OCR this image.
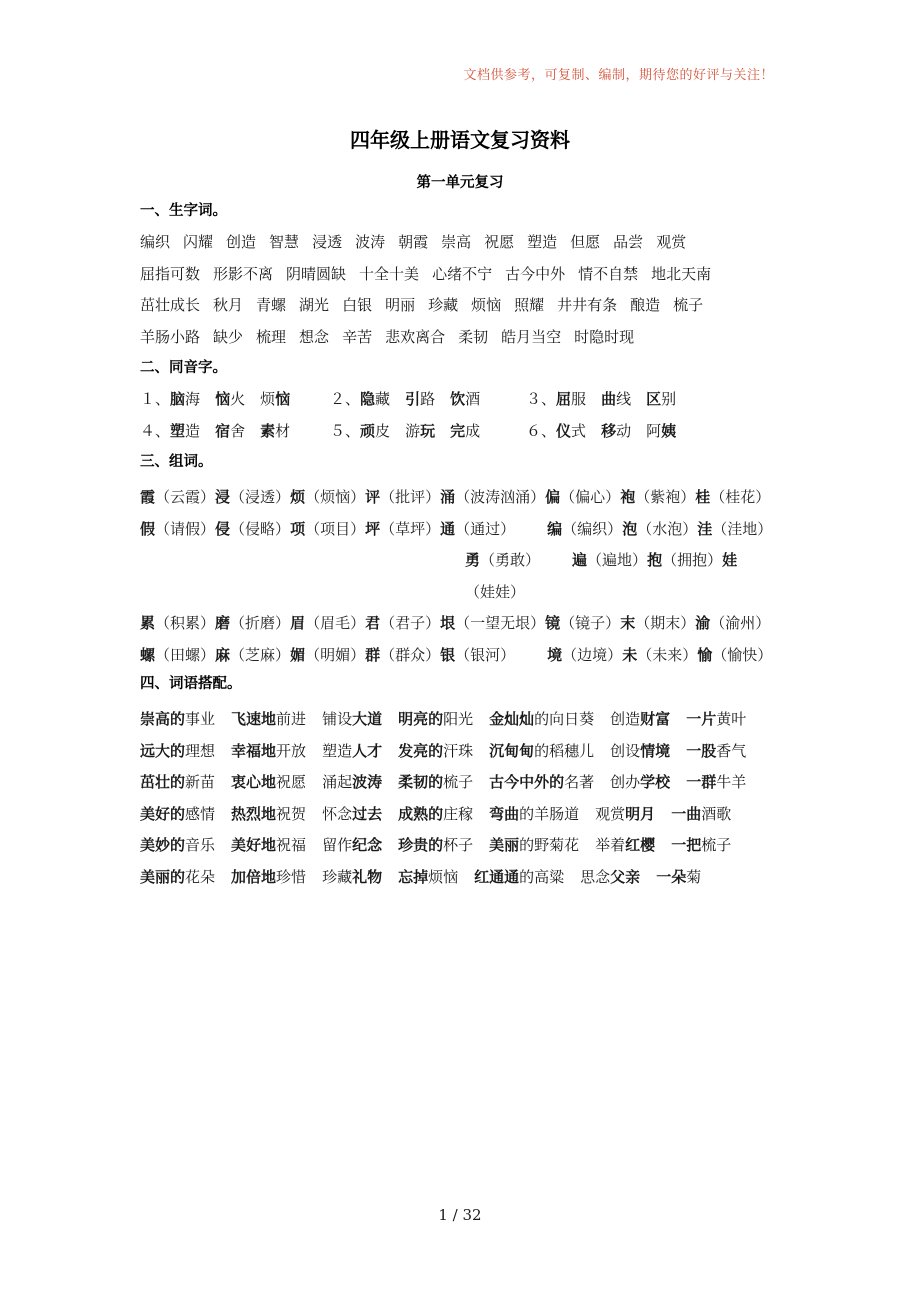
文档供参考，可复制、编制，期待您的好评与关注！
四年级上册语文复习资料
第一单元复习
一、生字词。
编织 闪耀 创造 智慧 浸透 波涛 朝霞 崇高 祝愿 塑造 但愿 品尝 观赏
屈指可数 形影不离 阴晴圆缺 十全十美 心绪不宁 古今中外 情不自禁 地北天南
茁壮成长 秋月 青螺 湖光 白银 明丽 珍藏 烦恼 照耀 井井有条 酿造 梳子
羊肠小路 缺少 梳理 想念 辛苦 悲欢离合 柔韧 皓月当空 时隐时现
二、同音字。
１、脑海　 恼火　 烦恼	２、隐藏　 引路　 饮酒	３、屈服　 曲线　 区别
４、塑造　 宿舍　 素材	５、顽皮　 游玩　 完成	６、仪式　 移动　 阿姨
三、组词。

霞（云霞）浸（浸透）烦（烦恼）评（批评）涌（波涛汹涌）偏（偏心）袍（紫袍）桂（桂花）

假（请假）侵（侵略）项（项目）坪（草坪）通（通过） 编（编织）泡（水泡）洼（洼地）

勇（勇敢） 遍（遍地）抱（拥抱）娃（娃娃）

累（积累）磨（折磨）眉（眉毛）君（君子）垠（一望无垠）镜（镜子）末（期末）渝（渝州）

螺（田螺）麻（芝麻）媚（明媚）群（群众）银（银河） 境（边境）未（未来）愉（愉快）

四、词语搭配。

崇高的事业 飞速地前进 铺设大道 明亮的阳光 金灿灿的向日葵 创造财富 一片黄叶

远大的理想 幸福地开放 塑造人才 发亮的汗珠 沉甸甸的稻穗儿 创设情境 一股香气

茁壮的新苗 衷心地祝愿 涌起波涛 柔韧的梳子 古今中外的名著 创办学校 一群牛羊

美好的感情 热烈地祝贺 怀念过去 成熟的庄稼 弯曲的羊肠道 观赏明月 一曲酒歌

美妙的音乐 美好地祝福 留作纪念 珍贵的杯子 美丽的野菊花 举着红樱 一把梳子

美丽的花朵 加倍地珍惜 珍藏礼物 忘掉烦恼 红通通的高粱 思念父亲 一朵菊

1 / 32
